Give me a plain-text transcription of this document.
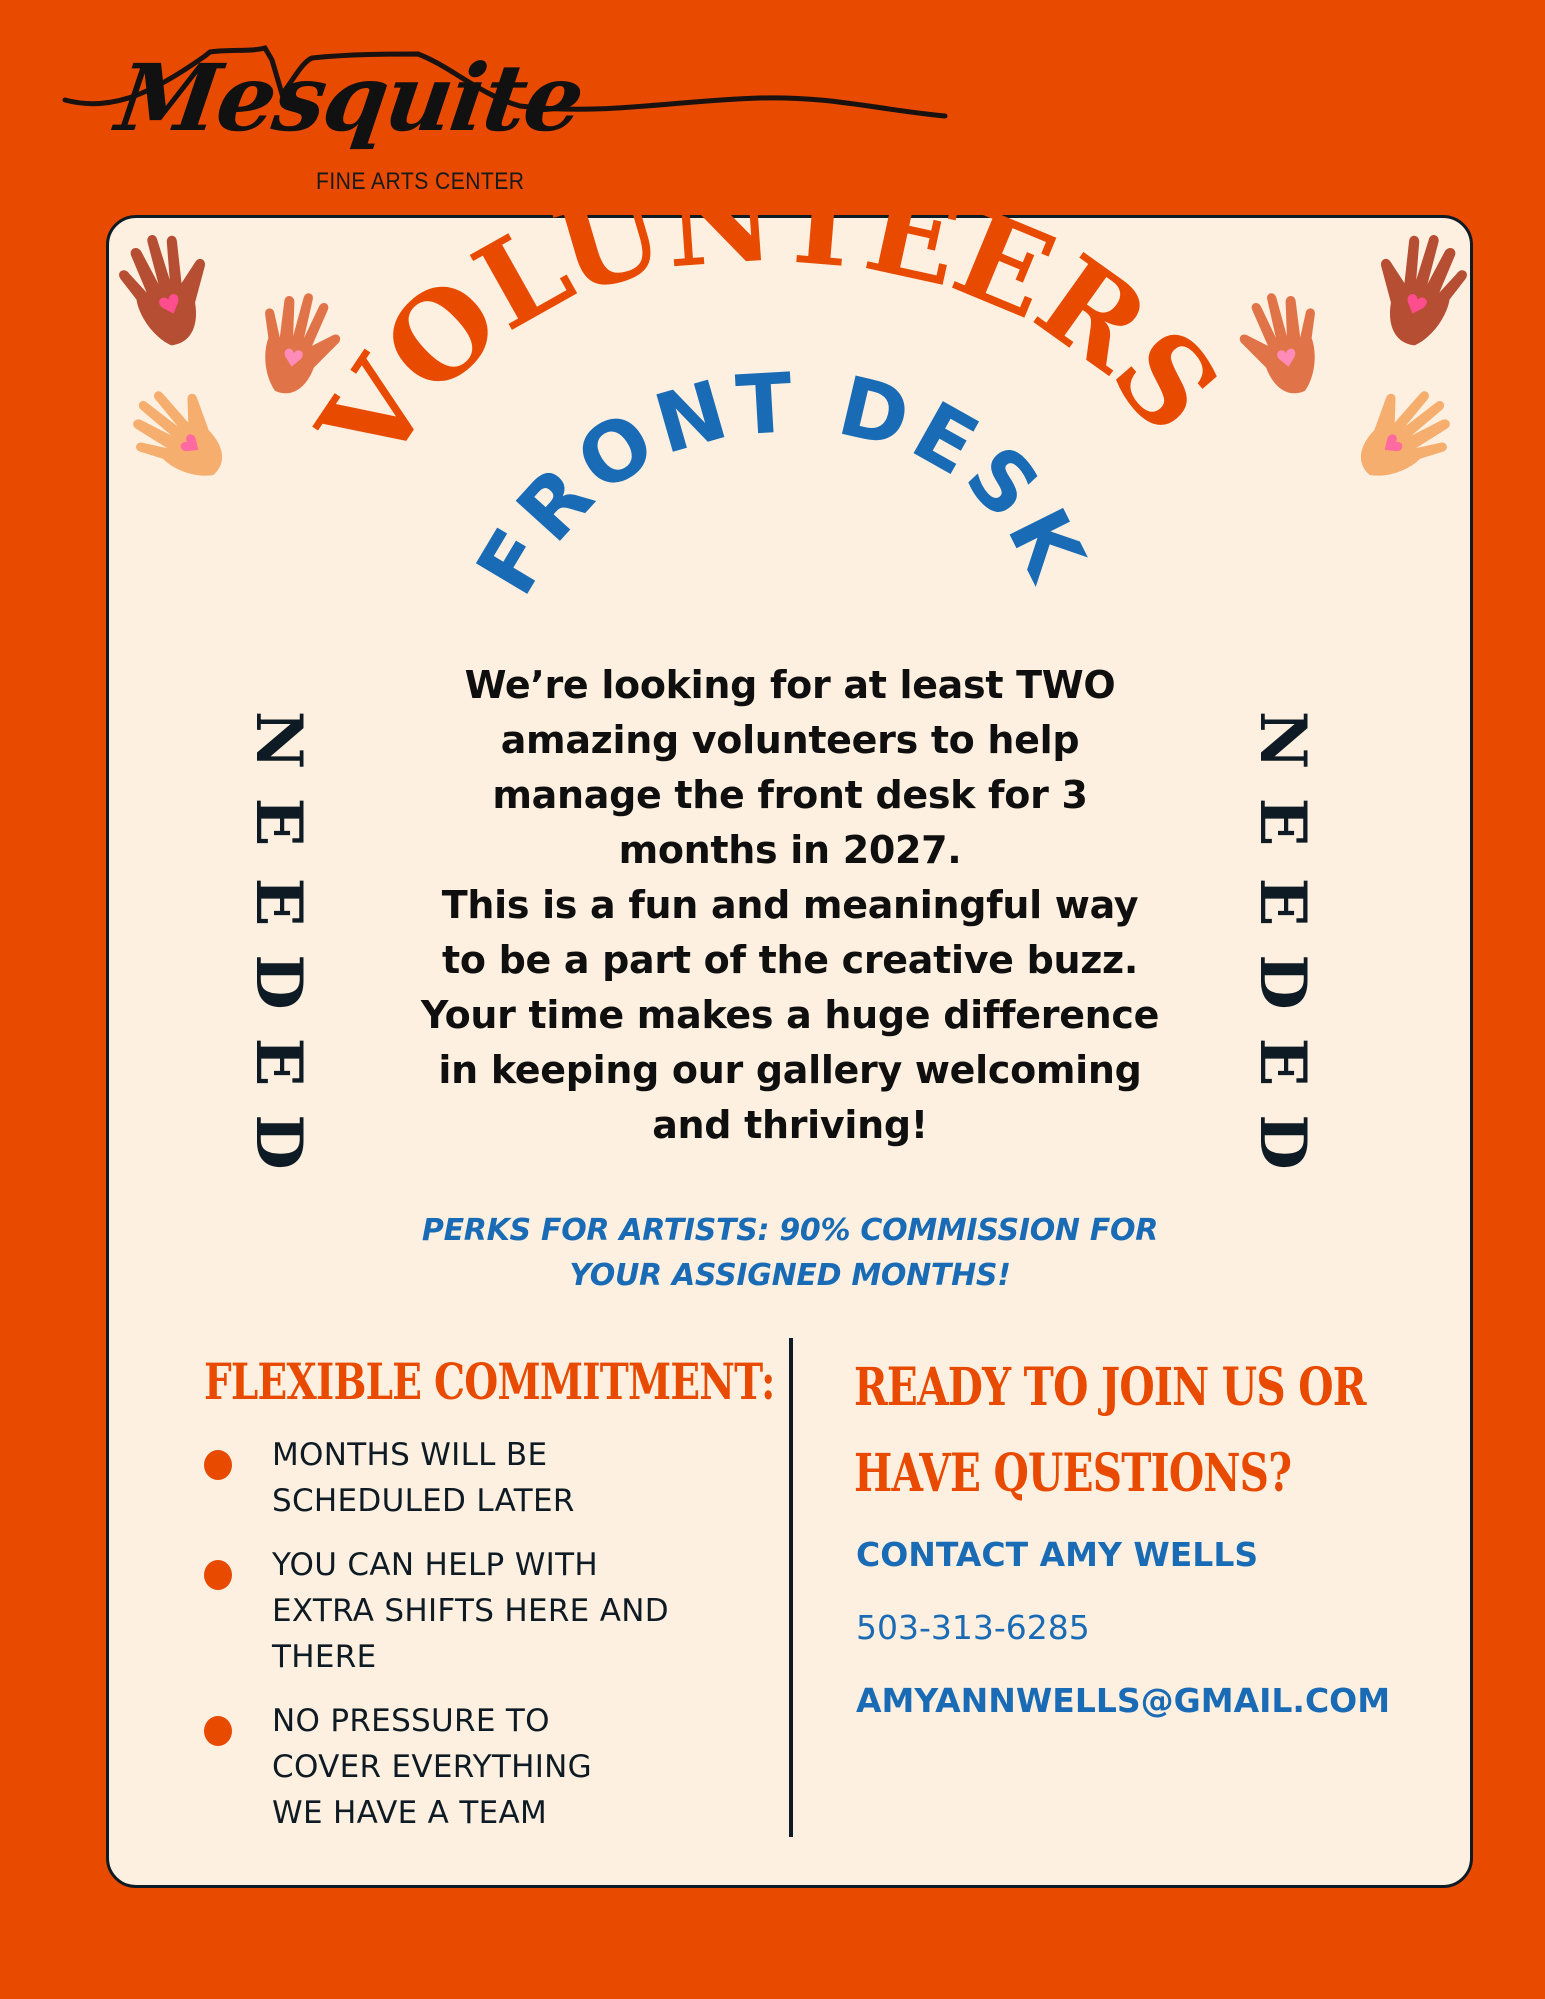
Mesquite
FINE ARTS CENTER
VOLUNTEERS
FRONT DESK
N
E
E
D
E
D
N
E
E
D
E
D
We’re looking for at least TWO
amazing volunteers to help
manage the front desk for 3
months in 2027.
This is a fun and meaningful way
to be a part of the creative buzz.
Your time makes a huge difference
in keeping our gallery welcoming
and thriving!
PERKS FOR ARTISTS: 90% COMMISSION FOR
YOUR ASSIGNED MONTHS!
FLEXIBLE COMMITMENT:
MONTHS WILL BE
SCHEDULED LATER
YOU CAN HELP WITH
EXTRA SHIFTS HERE AND
THERE
NO PRESSURE TO
COVER EVERYTHING
WE HAVE A TEAM
READY TO JOIN US OR
HAVE QUESTIONS?
CONTACT AMY WELLS
503-313-6285
AMYANNWELLS@GMAIL.COM
